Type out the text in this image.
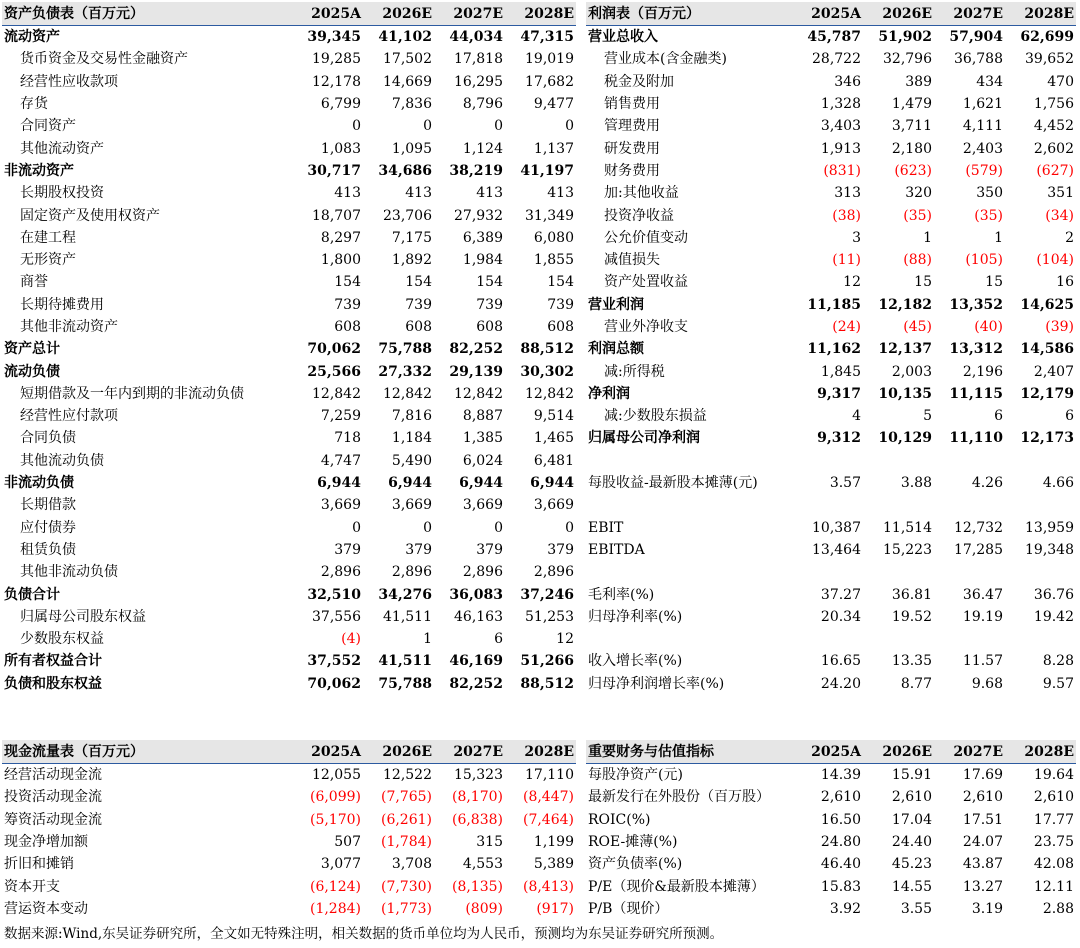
资产负债表（百万元）	2025A	2026E	2027E	2028E
流动资产	39,345	41,102	44,034	47,315
货币资金及交易性金融资产	19,285	17,502	17,818	19,019
经营性应收款项	12,178	14,669	16,295	17,682
存货	6,799	7,836	8,796	9,477
合同资产	0	0	0	0
其他流动资产	1,083	1,095	1,124	1,137
非流动资产	30,717	34,686	38,219	41,197
长期股权投资	413	413	413	413
固定资产及使用权资产	18,707	23,706	27,932	31,349
在建工程	8,297	7,175	6,389	6,080
无形资产	1,800	1,892	1,984	1,855
商誉	154	154	154	154
长期待摊费用	739	739	739	739
其他非流动资产	608	608	608	608
资产总计	70,062	75,788	82,252	88,512
流动负债	25,566	27,332	29,139	30,302
短期借款及一年内到期的非流动负债	12,842	12,842	12,842	12,842
经营性应付款项	7,259	7,816	8,887	9,514
合同负债	718	1,184	1,385	1,465
其他流动负债	4,747	5,490	6,024	6,481
非流动负债	6,944	6,944	6,944	6,944
长期借款	3,669	3,669	3,669	3,669
应付债券	0	0	0	0
租赁负债	379	379	379	379
其他非流动负债	2,896	2,896	2,896	2,896
负债合计	32,510	34,276	36,083	37,246
归属母公司股东权益	37,556	41,511	46,163	51,253
少数股东权益	(4)	1	6	12
所有者权益合计	37,552	41,511	46,169	51,266
负债和股东权益	70,062	75,788	82,252	88,512
利润表（百万元）	2025A	2026E	2027E	2028E
营业总收入	45,787	51,902	57,904	62,699
营业成本(含金融类)	28,722	32,796	36,788	39,652
税金及附加	346	389	434	470
销售费用	1,328	1,479	1,621	1,756
管理费用	3,403	3,711	4,111	4,452
研发费用	1,913	2,180	2,403	2,602
财务费用	(831)	(623)	(579)	(627)
加:其他收益	313	320	350	351
投资净收益	(38)	(35)	(35)	(34)
公允价值变动	3	1	1	2
减值损失	(11)	(88)	(105)	(104)
资产处置收益	12	15	15	16
营业利润	11,185	12,182	13,352	14,625
营业外净收支	(24)	(45)	(40)	(39)
利润总额	11,162	12,137	13,312	14,586
减:所得税	1,845	2,003	2,196	2,407
净利润	9,317	10,135	11,115	12,179
减:少数股东损益	4	5	6	6
归属母公司净利润	9,312	10,129	11,110	12,173

每股收益-最新股本摊薄(元)	3.57	3.88	4.26	4.66

EBIT	10,387	11,514	12,732	13,959
EBITDA	13,464	15,223	17,285	19,348

毛利率(%)	37.27	36.81	36.47	36.76
归母净利率(%)	20.34	19.52	19.19	19.42

收入增长率(%)	16.65	13.35	11.57	8.28
归母净利润增长率(%)	24.20	8.77	9.68	9.57
现金流量表（百万元）	2025A	2026E	2027E	2028E
经营活动现金流	12,055	12,522	15,323	17,110
投资活动现金流	(6,099)	(7,765)	(8,170)	(8,447)
筹资活动现金流	(5,170)	(6,261)	(6,838)	(7,464)
现金净增加额	507	(1,784)	315	1,199
折旧和摊销	3,077	3,708	4,553	5,389
资本开支	(6,124)	(7,730)	(8,135)	(8,413)
营运资本变动	(1,284)	(1,773)	(809)	(917)
重要财务与估值指标	2025A	2026E	2027E	2028E
每股净资产(元)	14.39	15.91	17.69	19.64
最新发行在外股份（百万股）	2,610	2,610	2,610	2,610
ROIC(%)	16.50	17.04	17.51	17.77
ROE-摊薄(%)	24.80	24.40	24.07	23.75
资产负债率(%)	46.40	45.23	43.87	42.08
P/E（现价&最新股本摊薄）	15.83	14.55	13.27	12.11
P/B（现价）	3.92	3.55	3.19	2.88
数据来源:Wind,东吴证券研究所，全文如无特殊注明，相关数据的货币单位均为人民币，预测均为东吴证券研究所预测。
